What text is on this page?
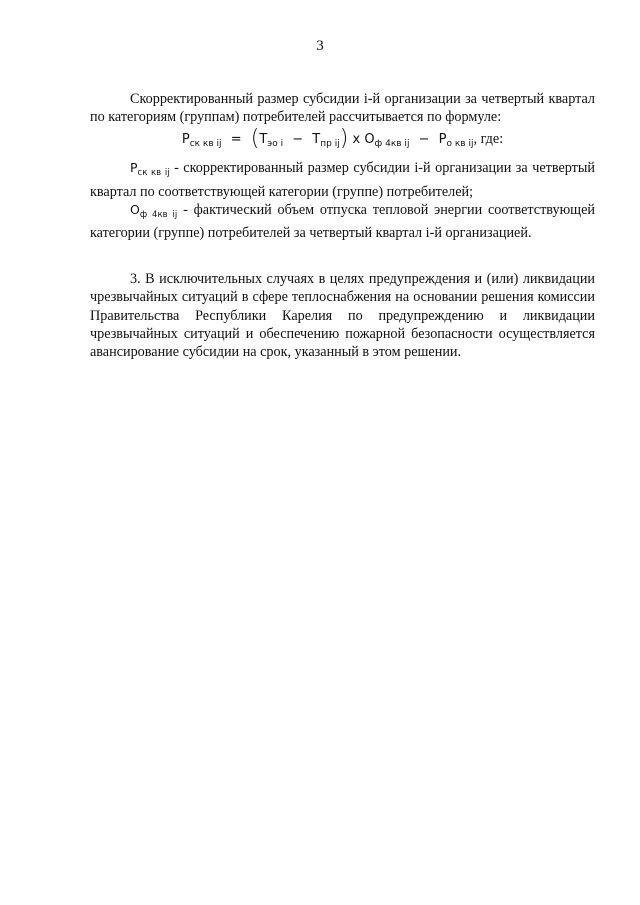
3

Скорректированный размер субсидии i-й организации за четвертый квартал по категориям (группам) потребителей рассчитывается по формуле:

$Р_{ск кв ij} = (Т_{эо i} - Т_{пр ij})$ x $О_{ф 4кв ij} - Р_{о кв ij}$, где:

$Р_{ск кв ij}$ - скорректированный размер субсидии i-й организации за четвертый квартал по соответствующей категории (группе) потребителей;

$О_{ф 4кв ij}$ - фактический объем отпуска тепловой энергии соответствующей категории (группе) потребителей за четвертый квартал i-й организацией.

3. В исключительных случаях в целях предупреждения и (или) ликвидации чрезвычайных ситуаций в сфере теплоснабжения на основании решения комиссии Правительства Республики Карелия по предупреждению и ликвидации чрезвычайных ситуаций и обеспечению пожарной безопасности осуществляется авансирование субсидии на срок, указанный в этом решении.
